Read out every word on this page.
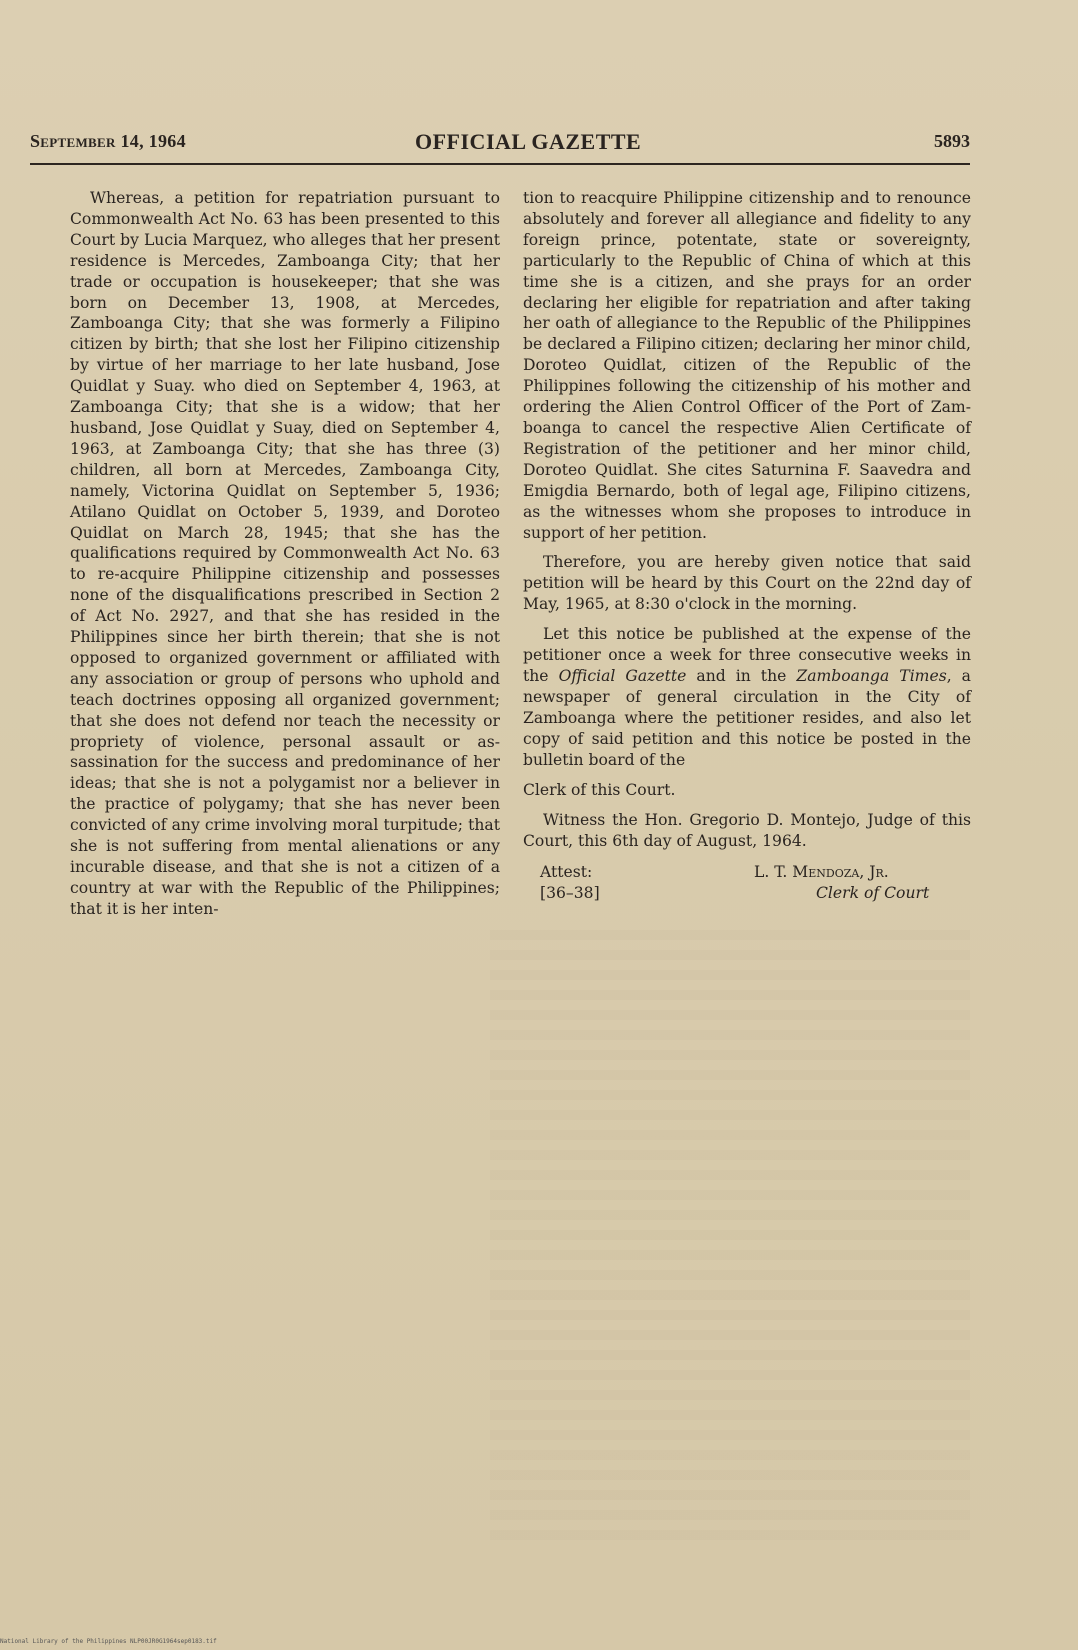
September 14, 1964	OFFICIAL GAZETTE	5893

Whereas, a petition for repatriation pursuant to Commonwealth Act No. 63 has been presented to this Court by Lucia Marquez, who alleges that her present residence is Mercedes, Zamboanga City; that her trade or occupation is housekeeper; that she was born on December 13, 1908, at Mercedes, Zamboanga City; that she was formerly a Filipino citizen by birth; that she lost her Filipino citizenship by virtue of her marriage to her late husband, Jose Quidlat y Suay. who died on September 4, 1963, at Zamboanga City; that she is a widow; that her husband, Jose Quidlat y Suay, died on September 4, 1963, at Zamboanga City; that she has three (3) children, all born at Mercedes, Zamboanga City, namely, Victorina Quidlat on September 5, 1936; Atilano Quidlat on October 5, 1939, and Doroteo Quidlat on March 28, 1945; that she has the qualifications required by Commonwealth Act No. 63 to re-acquire Philippine citizenship and possesses none of the disqualifications prescribed in Section 2 of Act No. 2927, and that she has resided in the Philippines since her birth therein; that she is not opposed to organized government or affiliated with any association or group of persons who uphold and teach doctrines opposing all organized government; that she does not defend nor teach the necessity or propriety of violence, personal assault or assassination for the success and predominance of her ideas; that she is not a polygamist nor a believer in the practice of polygamy; that she has never been convicted of any crime involving moral turpitude; that she is not suffering from mental alienations or any incurable disease, and that she is not a citizen of a country at war with the Republic of the Philippines; that it is her inten-

tion to reacquire Philippine citizenship and to renounce absolutely and forever all allegiance and fidelity to any foreign prince, potentate, state or sovereignty, particularly to the Republic of China of which at this time she is a citizen, and she prays for an order declaring her eligible for repatriation and after taking her oath of allegiance to the Republic of the Philippines be declared a Filipino citizen; declaring her minor child, Doroteo Quidlat, citizen of the Republic of the Philippines following the citizenship of his mother and ordering the Alien Control Officer of the Port of Zamboanga to cancel the respective Alien Certificate of Registration of the petitioner and her minor child, Doroteo Quidlat. She cites Saturnina F. Saavedra and Emigdia Bernardo, both of legal age, Filipino citizens, as the witnesses whom she proposes to introduce in support of her petition.

Therefore, you are hereby given notice that said petition will be heard by this Court on the 22nd day of May, 1965, at 8:30 o'clock in the morning.

Let this notice be published at the expense of the petitioner once a week for three consecutive weeks in the Official Gazette and in the Zamboanga Times, a newspaper of general circulation in the City of Zamboanga where the petitioner resides, and also let copy of said petition and this notice be posted in the bulletin board of the

Clerk of this Court.

Witness the Hon. Gregorio D. Montejo, Judge of this Court, this 6th day of August, 1964.

Attest:
[36–38]
L. T. Mendoza, Jr.
Clerk of Court
National Library of the Philippines NLP00JR0G1964sep0183.tif
